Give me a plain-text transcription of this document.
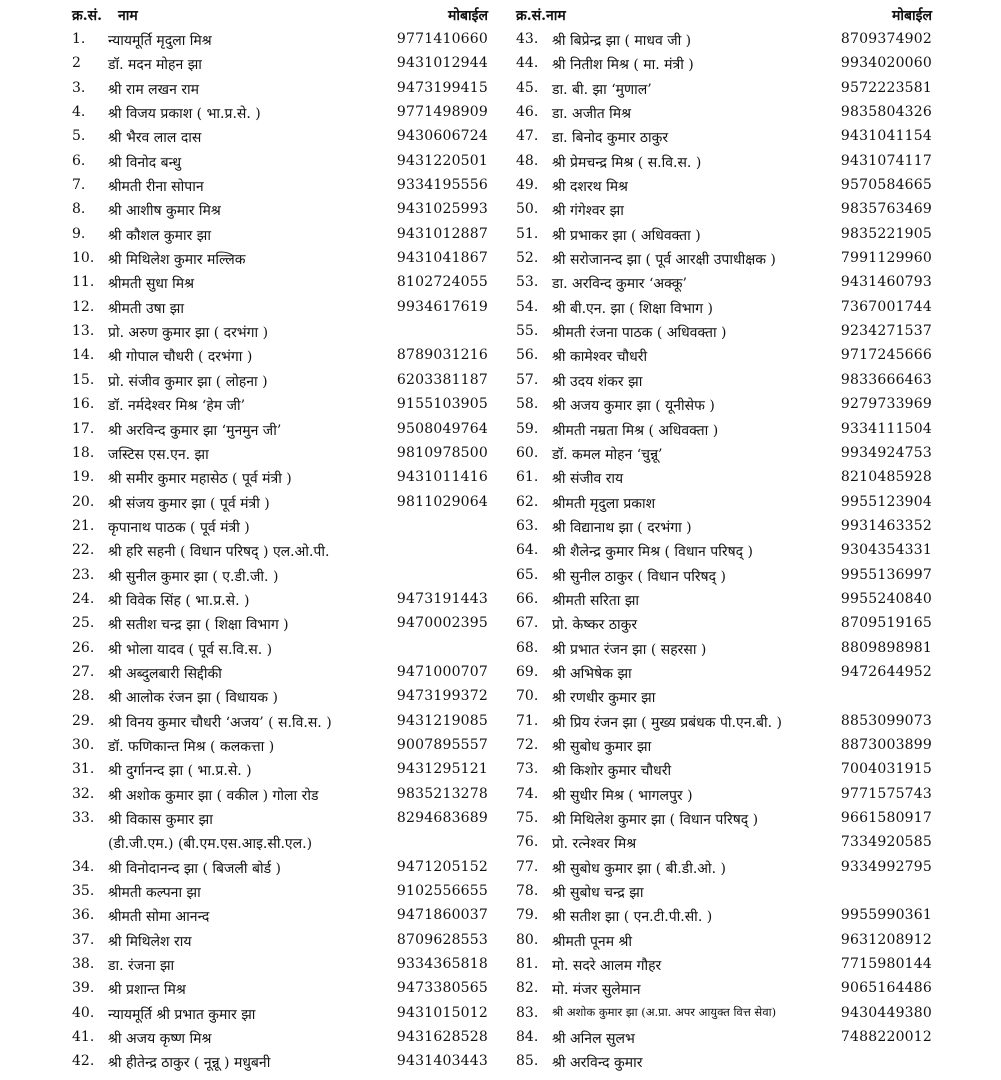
क्र.सं. नाम	मोबाईल
1. न्यायमूर्ति मृदुला मिश्र	9771410660
2 डॉ. मदन मोहन झा	9431012944
3. श्री राम लखन राम	9473199415
4. श्री विजय प्रकाश ( भा.प्र.से. )	9771498909
5. श्री भैरव लाल दास	9430606724
6. श्री विनोद बन्धु	9431220501
7. श्रीमती रीना सोपान	9334195556
8. श्री आशीष कुमार मिश्र	9431025993
9. श्री कौशल कुमार झा	9431012887
10. श्री मिथिलेश कुमार मल्लिक	9431041867
11. श्रीमती सुधा मिश्र	8102724055
12. श्रीमती उषा झा	9934617619
13. प्रो. अरुण कुमार झा ( दरभंगा )
14. श्री गोपाल चौधरी ( दरभंगा )	8789031216
15. प्रो. संजीव कुमार झा ( लोहना )	6203381187
16. डॉ. नर्मदेश्वर मिश्र ‘हेम जी’	9155103905
17. श्री अरविन्द कुमार झा ‘मुनमुन जी’	9508049764
18. जस्टिस एस.एन. झा	9810978500
19. श्री समीर कुमार महासेठ ( पूर्व मंत्री )	9431011416
20. श्री संजय कुमार झा ( पूर्व मंत्री )	9811029064
21. कृपानाथ पाठक ( पूर्व मंत्री )
22. श्री हरि सहनी ( विधान परिषद् ) एल.ओ.पी.
23. श्री सुनील कुमार झा ( ए.डी.जी. )
24. श्री विवेक सिंह ( भा.प्र.से. )	9473191443
25. श्री सतीश चन्द्र झा ( शिक्षा विभाग )	9470002395
26. श्री भोला यादव ( पूर्व स.वि.स. )
27. श्री अब्दुलबारी सिद्दीकी	9471000707
28. श्री आलोक रंजन झा ( विधायक )	9473199372
29. श्री विनय कुमार चौधरी ‘अजय’ ( स.वि.स. )	9431219085
30. डॉ. फणिकान्त मिश्र ( कलकत्ता )	9007895557
31. श्री दुर्गानन्द झा ( भा.प्र.से. )	9431295121
32. श्री अशोक कुमार झा ( वकील ) गोला रोड	9835213278
33. श्री विकास कुमार झा	8294683689
(डी.जी.एम.) (बी.एम.एस.आइ.सी.एल.)
34. श्री विनोदानन्द झा ( बिजली बोर्ड )	9471205152
35. श्रीमती कल्पना झा	9102556655
36. श्रीमती सोमा आनन्द	9471860037
37. श्री मिथिलेश राय	8709628553
38. डा. रंजना झा	9334365818
39. श्री प्रशान्त मिश्र	9473380565
40. न्यायमूर्ति श्री प्रभात कुमार झा	9431015012
41. श्री अजय कृष्ण मिश्र	9431628528
42. श्री हीतेन्द्र ठाकुर ( नून्नू ) मधुबनी	9431403443
क्र.सं.नाम	मोबाईल
43. श्री बिप्रेन्द्र झा ( माधव जी )	8709374902
44. श्री नितीश मिश्र ( मा. मंत्री )	9934020060
45. डा. बी. झा ‘मुणाल’	9572223581
46. डा. अजीत मिश्र	9835804326
47. डा. बिनोद कुमार ठाकुर	9431041154
48. श्री प्रेमचन्द्र मिश्र ( स.वि.स. )	9431074117
49. श्री दशरथ मिश्र	9570584665
50. श्री गंगेश्वर झा	9835763469
51. श्री प्रभाकर झा ( अधिवक्ता )	9835221905
52. श्री सरोजानन्द झा ( पूर्व आरक्षी उपाधीक्षक )	7991129960
53. डा. अरविन्द कुमार ‘अक्कू’	9431460793
54. श्री बी.एन. झा ( शिक्षा विभाग )	7367001744
55. श्रीमती रंजना पाठक ( अधिवक्ता )	9234271537
56. श्री कामेश्वर चौधरी	9717245666
57. श्री उदय शंकर झा	9833666463
58. श्री अजय कुमार झा ( यूनीसेफ )	9279733969
59. श्रीमती नम्रता मिश्र ( अधिवक्ता )	9334111504
60. डॉ. कमल मोहन ‘चुन्नू’	9934924753
61. श्री संजीव राय	8210485928
62. श्रीमती मृदुला प्रकाश	9955123904
63. श्री विद्यानाथ झा ( दरभंगा )	9931463352
64. श्री शैलेन्द्र कुमार मिश्र ( विधान परिषद् )	9304354331
65. श्री सुनील ठाकुर ( विधान परिषद् )	9955136997
66. श्रीमती सरिता झा	9955240840
67. प्रो. केष्कर ठाकुर	8709519165
68. श्री प्रभात रंजन झा ( सहरसा )	8809898981
69. श्री अभिषेक झा	9472644952
70. श्री रणधीर कुमार झा
71. श्री प्रिय रंजन झा ( मुख्य प्रबंधक पी.एन.बी. )	8853099073
72. श्री सुबोध कुमार झा	8873003899
73. श्री किशोर कुमार चौधरी	7004031915
74. श्री सुधीर मिश्र ( भागलपुर )	9771575743
75. श्री मिथिलेश कुमार झा ( विधान परिषद् )	9661580917
76. प्रो. रत्नेश्वर मिश्र	7334920585
77. श्री सुबोध कुमार झा ( बी.डी.ओ. )	9334992795
78. श्री सुबोध चन्द्र झा
79. श्री सतीश झा ( एन.टी.पी.सी. )	9955990361
80. श्रीमती पूनम श्री	9631208912
81. मो. सदरे आलम गौहर	7715980144
82. मो. मंजर सुलेमान	9065164486
83. श्री अशोक कुमार झा (अ.प्रा. अपर आयुक्त वित्त सेवा)	9430449380
84. श्री अनिल सुलभ	7488220012
85. श्री अरविन्द कुमार
